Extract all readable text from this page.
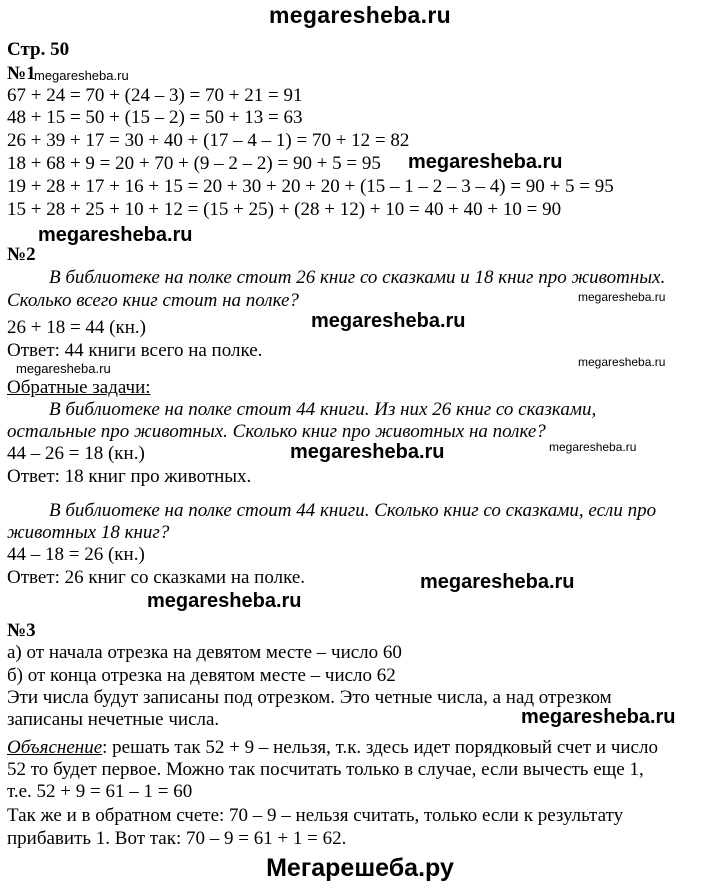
megaresheba.ru
Стр. 50
№1
megaresheba.ru
67 + 24 = 70 + (24 – 3) = 70 + 21 = 91
48 + 15 = 50 + (15 – 2) = 50 + 13 = 63
26 + 39 + 17 = 30 + 40 + (17 – 4 – 1) = 70 + 12 = 82
18 + 68 + 9 = 20 + 70 + (9 – 2 – 2) = 90 + 5 = 95 megaresheba.ru
19 + 28 + 17 + 16 + 15 = 20 + 30 + 20 + 20 + (15 – 1 – 2 – 3 – 4) = 90 + 5 = 95
15 + 28 + 25 + 10 + 12 = (15 + 25) + (28 + 12) + 10 = 40 + 40 + 10 = 90
megaresheba.ru
№2
В библиотеке на полке стоит 26 книг со сказками и 18 книг про животных.
Сколько всего книг стоит на полке?	megaresheba.ru
26 + 18 = 44 (кн.)	megaresheba.ru
Ответ: 44 книги всего на полке.
megaresheba.ru
megaresheba.ru
Обратные задачи:
В библиотеке на полке стоит 44 книги. Из них 26 книг со сказками,
остальные про животных. Сколько книг про животных на полке?
44 – 26 = 18 (кн.)	megaresheba.ru	megaresheba.ru
Ответ: 18 книг про животных.
В библиотеке на полке стоит 44 книги. Сколько книг со сказками, если про
животных 18 книг?
44 – 18 = 26 (кн.)
Ответ: 26 книг со сказками на полке.	megaresheba.ru
megaresheba.ru
№3
а) от начала отрезка на девятом месте – число 60
б) от конца отрезка на девятом месте – число 62
Эти числа будут записаны под отрезком. Это четные числа, а над отрезком
записаны нечетные числа.	megaresheba.ru
Объяснение: решать так 52 + 9 – нельзя, т.к. здесь идет порядковый счет и число
52 то будет первое. Можно так посчитать только в случае, если вычесть еще 1,
т.е. 52 + 9 = 61 – 1 = 60
Так же и в обратном счете: 70 – 9 – нельзя считать, только если к результату
прибавить 1. Вот так: 70 – 9 = 61 + 1 = 62.
Мегарешеба.ру
